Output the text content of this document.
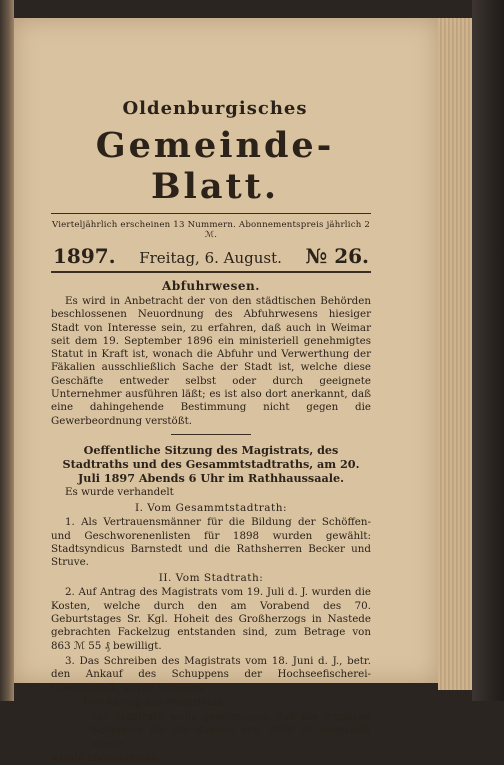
Oldenburgisches
Gemeinde-Blatt.
Vierteljährlich erscheinen 13 Nummern. Abonnementspreis jährlich 2 ℳ.
1897. Freitag, 6. August. № 26.
Abfuhrwesen.

Es wird in Anbetracht der von den städtischen Behörden beschlossenen Neuordnung des Abfuhrwesens hiesiger Stadt von Interesse sein, zu erfahren, daß auch in Weimar seit dem 19. September 1896 ein ministeriell genehmigtes Statut in Kraft ist, wonach die Abfuhr und Verwerthung der Fäkalien ausschließlich Sache der Stadt ist, welche diese Geschäfte entweder selbst oder durch geeignete Unternehmer ausführen läßt; es ist also dort anerkannt, daß eine dahingehende Bestimmung nicht gegen die Gewerbeordnung verstößt.

Oeffentliche Sitzung des Magistrats, des Stadtraths und des Gesammtstadtraths, am 20. Juli 1897 Abends 6 Uhr im Rathhaussaale.

Es wurde verhandelt

I. Vom Gesammtstadtrath:

1. Als Vertrauensmänner für die Bildung der Schöffen- und Geschworenenlisten für 1898 wurden gewählt: Stadtsyndicus Barnstedt und die Rathsherren Becker und Struve.

II. Vom Stadtrath:

2. Auf Antrag des Magistrats vom 19. Juli d. J. wurden die Kosten, welche durch den am Vorabend des 70. Geburtstages Sr. Kgl. Hoheit des Großherzogs in Nastede gebrachten Fackelzug entstanden sind, zum Betrage von 863 ℳ 55 ₰ bewilligt.

3. Das Schreiben des Magistrats vom 18. Juni d. J., betr. den Ankauf des Schuppens der Hochseefischerei-Gesellschaft, wurde verlesen.

Der Antrag des Magistrats:

der Stadtrath wolle genehmigen, daß der fragliche Schuppen für die Summe von 7000 ℳ angekauft werde,

wurde angenommen.
